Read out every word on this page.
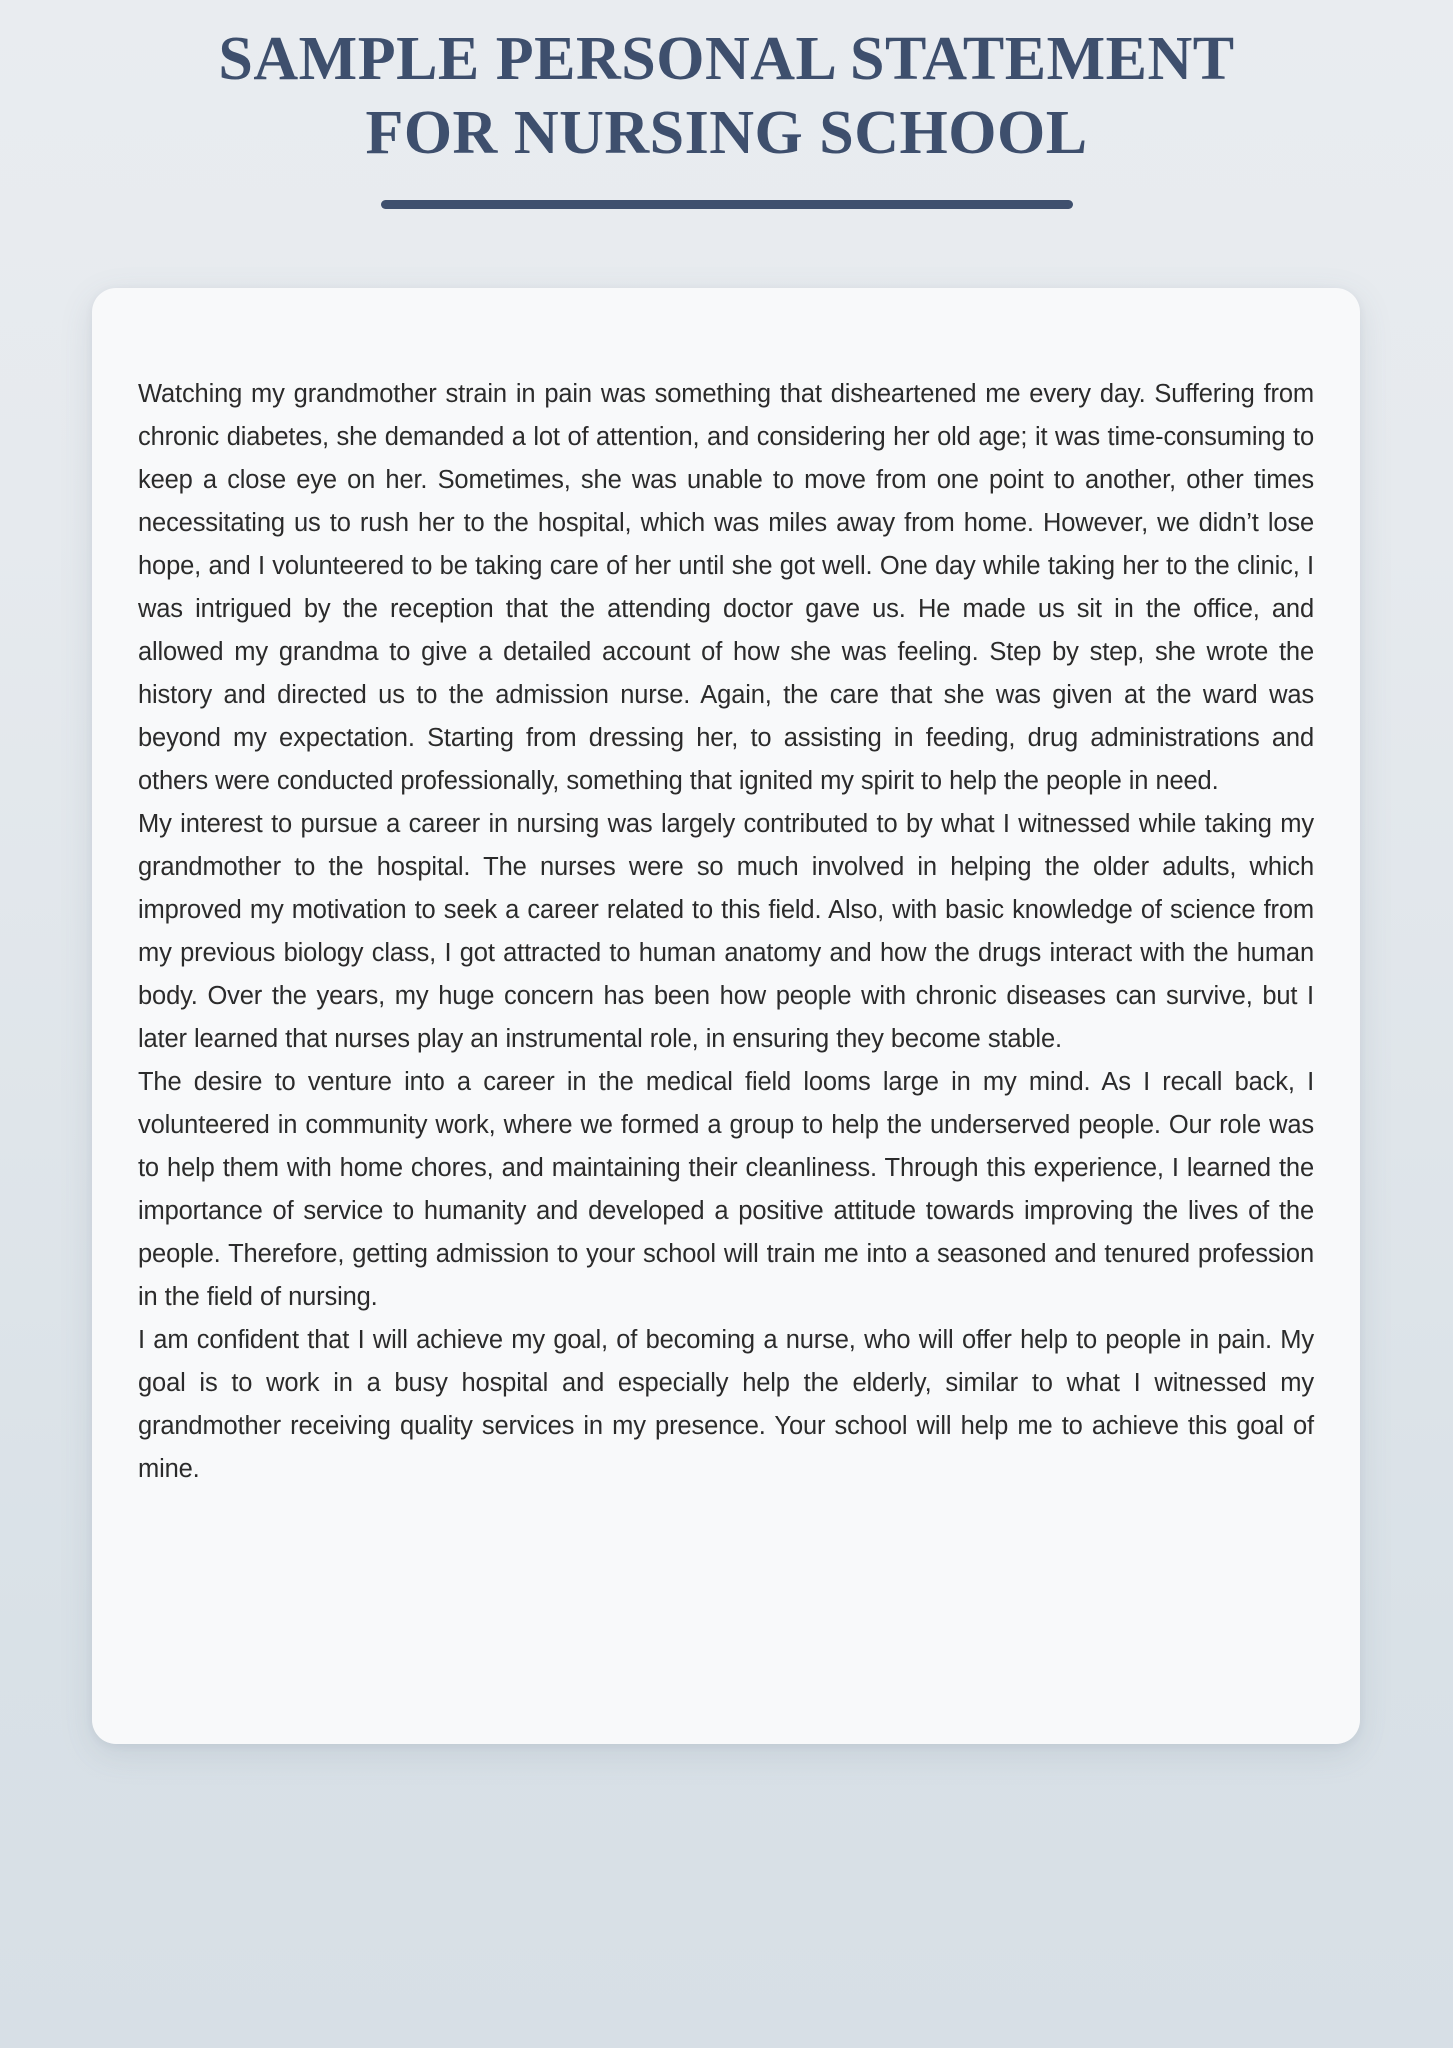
SAMPLE PERSONAL STATEMENT
FOR NURSING SCHOOL

Watching my grandmother strain in pain was something that disheartened me every day. Suffering from chronic diabetes, she demanded a lot of attention, and considering her old age; it was time-consuming to keep a close eye on her. Sometimes, she was unable to move from one point to another, other times necessitating us to rush her to the hospital, which was miles away from home. However, we didn’t lose hope, and I volunteered to be taking care of her until she got well. One day while taking her to the clinic, I was intrigued by the reception that the attending doctor gave us. He made us sit in the office, and allowed my grandma to give a detailed account of how she was feeling. Step by step, she wrote the history and directed us to the admission nurse. Again, the care that she was given at the ward was beyond my expectation. Starting from dressing her, to assisting in feeding, drug administrations and others were conducted professionally, something that ignited my spirit to help the people in need.

My interest to pursue a career in nursing was largely contributed to by what I witnessed while taking my grandmother to the hospital. The nurses were so much involved in helping the older adults, which improved my motivation to seek a career related to this field. Also, with basic knowledge of science from my previous biology class, I got attracted to human anatomy and how the drugs interact with the human body. Over the years, my huge concern has been how people with chronic diseases can survive, but I later learned that nurses play an instrumental role, in ensuring they become stable.

The desire to venture into a career in the medical field looms large in my mind. As I recall back, I volunteered in community work, where we formed a group to help the underserved people. Our role was to help them with home chores, and maintaining their cleanliness. Through this experience, I learned the importance of service to humanity and developed a positive attitude towards improving the lives of the people. Therefore, getting admission to your school will train me into a seasoned and tenured profession in the field of nursing.

I am confident that I will achieve my goal, of becoming a nurse, who will offer help to people in pain. My goal is to work in a busy hospital and especially help the elderly, similar to what I witnessed my grandmother receiving quality services in my presence. Your school will help me to achieve this goal of mine.
